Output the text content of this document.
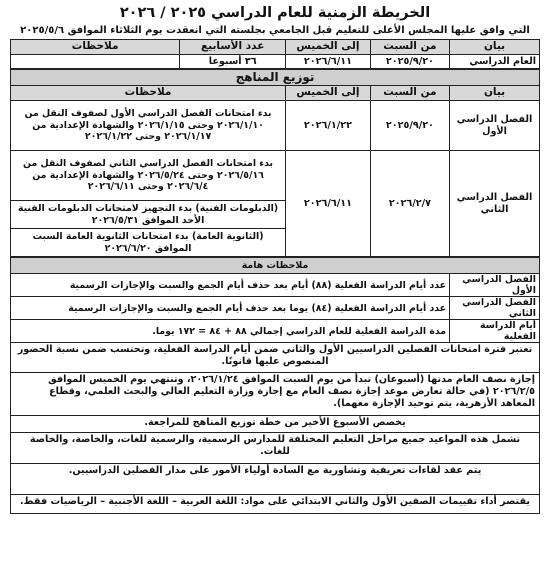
الخريطة الزمنية للعام الدراسي ٢٠٢٥ / ٢٠٢٦
التي وافق عليها المجلس الأعلى للتعليم قبل الجامعي بجلسته التي انعقدت يوم الثلاثاء الموافق ٢٠٢٥/٥/٦
بيان	من السبت	إلى الخميس	عدد الأسابيع	ملاحظات
العام الدراسي	٢٠٢٥/٩/٢٠	٢٠٢٦/٦/١١	٣٦ أسبوعا	
توزيع المناهج			
بيان	من السبت	إلى الخميس	ملاحظات
الفصل الدراسي الأول	٢٠٢٥/٩/٢٠	٢٠٢٦/١/٢٢	بدء امتحانات الفصل الدراسي الأول لصفوف النقل من ٢٠٢٦/١/١٠ وحتى ٢٠٢٦/١/١٥ والشهادة الإعدادية من ٢٠٢٦/١/١٧ وحتى ٢٠٢٦/١/٢٢
الفصل الدراسي الثاني	٢٠٢٦/٢/٧	٢٠٢٦/٦/١١	بدء امتحانات الفصل الدراسي الثاني لصفوف النقل من ٢٠٢٦/٥/١٦ وحتى ٢٠٢٦/٥/٢٤ والشهادة الإعدادية من ٢٠٢٦/٦/٤ وحتى ٢٠٢٦/٦/١١
			(الدبلومات الفنية) بدء التجهيز لامتحانات الدبلومات الفنية الأحد الموافق ٢٠٢٦/٥/٣١
			(الثانوية العامة) بدء امتحانات الثانوية العامة السبت الموافق ٢٠٢٦/٦/٢٠
ملاحظات هامة	
الفصل الدراسي الأول	عدد أيام الدراسة الفعلية (٨٨) أيام بعد حذف أيام الجمع والسبت والإجازات الرسمية
الفصل الدراسي الثاني	عدد أيام الدراسة الفعلية (٨٤) يوما بعد حذف أيام الجمع والسبت والإجازات الرسمية
أيام الدراسة الفعلية	مدة الدراسة الفعلية للعام الدراسي إجمالي ٨٨ + ٨٤ = ١٧٢ يوما.
تعتبر فترة امتحانات الفصلين الدراسيين الأول والثاني ضمن أيام الدراسة الفعلية، وتحتسب ضمن نسبة الحضور المنصوص عليها قانونًا.
إجازة نصف العام مدتها (أسبوعان) تبدأ من يوم السبت الموافق ٢٠٢٦/١/٢٤، وتنتهي يوم الخميس الموافق ٢٠٢٦/٢/٥ (في حالة تعارض موعد إجازة نصف العام مع إجازة وزارة التعليم العالي والبحث العلمي، وقطاع المعاهد الأزهرية، يتم توحيد الإجازة معهما).
يخصص الأسبوع الأخير من خطة توزيع المناهج للمراجعة.
تشمل هذه المواعيد جميع مراحل التعليم المختلفة للمدارس الرسمية، والرسمية للغات، والخاصة، والخاصة للغات.
يتم عقد لقاءات تعريفية وتشاورية مع السادة أولياء الأمور على مدار الفصلين الدراسيين.
يقتصر أداء تقييمات الصفين الأول والثاني الابتدائي على مواد: اللغة العربية – اللغة الأجنبية – الرياضيات فقط.
